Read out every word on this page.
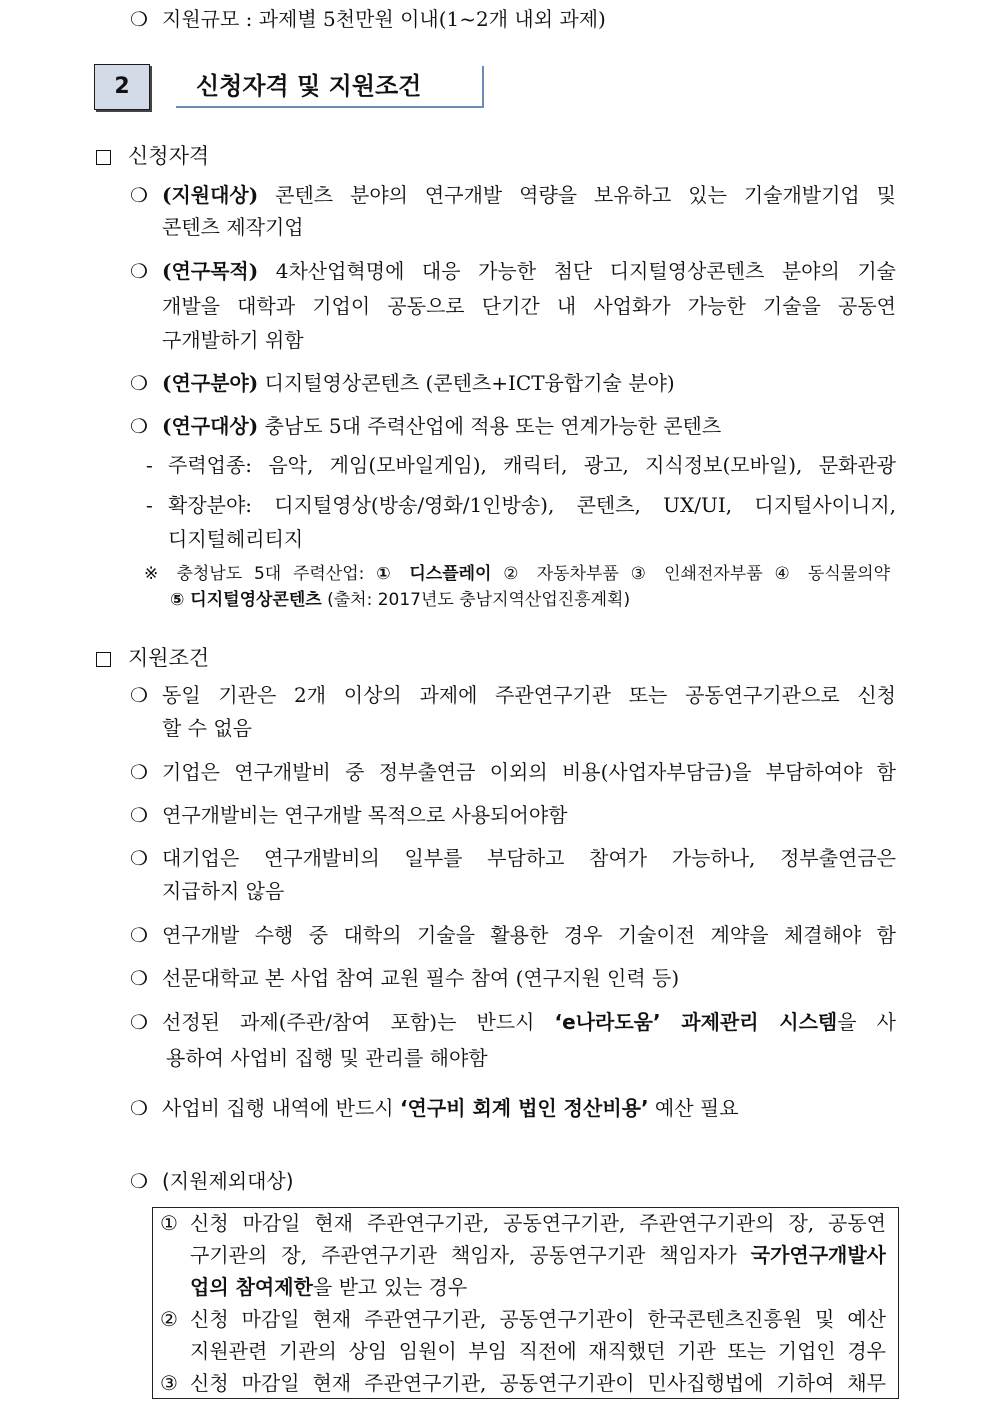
❍ 지원규모 : 과제별 5천만원 이내(1~2개 내외 과제)
2	신청자격 및 지원조건
신청자격
❍ (지원대상) 콘텐츠 분야의 연구개발 역량을 보유하고 있는 기술개발기업 및
콘텐츠 제작기업
❍ (연구목적) 4차산업혁명에 대응 가능한 첨단 디지털영상콘텐츠 분야의 기술
개발을 대학과 기업이 공동으로 단기간 내 사업화가 가능한 기술을 공동연
구개발하기 위함
❍ (연구분야) 디지털영상콘텐츠 (콘텐츠+ICT융합기술 분야)
❍ (연구대상) 충남도 5대 주력산업에 적용 또는 연계가능한 콘텐츠
- 주력업종: 음악, 게임(모바일게임), 캐릭터, 광고, 지식정보(모바일), 문화관광
- 확장분야: 디지털영상(방송/영화/1인방송), 콘텐츠, UX/UI, 디지털사이니지,
디지털헤리티지
※ 충청남도 5대 주력산업: ① 디스플레이 ② 자동차부품 ③ 인쇄전자부품 ④ 동식물의약
⑤ 디지털영상콘텐츠 (출처: 2017년도 충남지역산업진흥계획)
지원조건
❍ 동일 기관은 2개 이상의 과제에 주관연구기관 또는 공동연구기관으로 신청
할 수 없음
❍ 기업은 연구개발비 중 정부출연금 이외의 비용(사업자부담금)을 부담하여야 함
❍ 연구개발비는 연구개발 목적으로 사용되어야함
❍ 대기업은 연구개발비의 일부를 부담하고 참여가 가능하나, 정부출연금은
지급하지 않음
❍ 연구개발 수행 중 대학의 기술을 활용한 경우 기술이전 계약을 체결해야 함
❍ 선문대학교 본 사업 참여 교원 필수 참여 (연구지원 인력 등)
❍ 선정된 과제(주관/참여 포함)는 반드시 ‘e나라도움’ 과제관리 시스템을 사
용하여 사업비 집행 및 관리를 해야함
❍ 사업비 집행 내역에 반드시 ‘연구비 회계 법인 정산비용’ 예산 필요
❍ (지원제외대상)
① 신청 마감일 현재 주관연구기관, 공동연구기관, 주관연구기관의 장, 공동연
구기관의 장, 주관연구기관 책임자, 공동연구기관 책임자가 국가연구개발사
업의 참여제한을 받고 있는 경우
② 신청 마감일 현재 주관연구기관, 공동연구기관이 한국콘텐츠진흥원 및 예산
지원관련 기관의 상임 임원이 부임 직전에 재직했던 기관 또는 기업인 경우
③ 신청 마감일 현재 주관연구기관, 공동연구기관이 민사집행법에 기하여 채무
